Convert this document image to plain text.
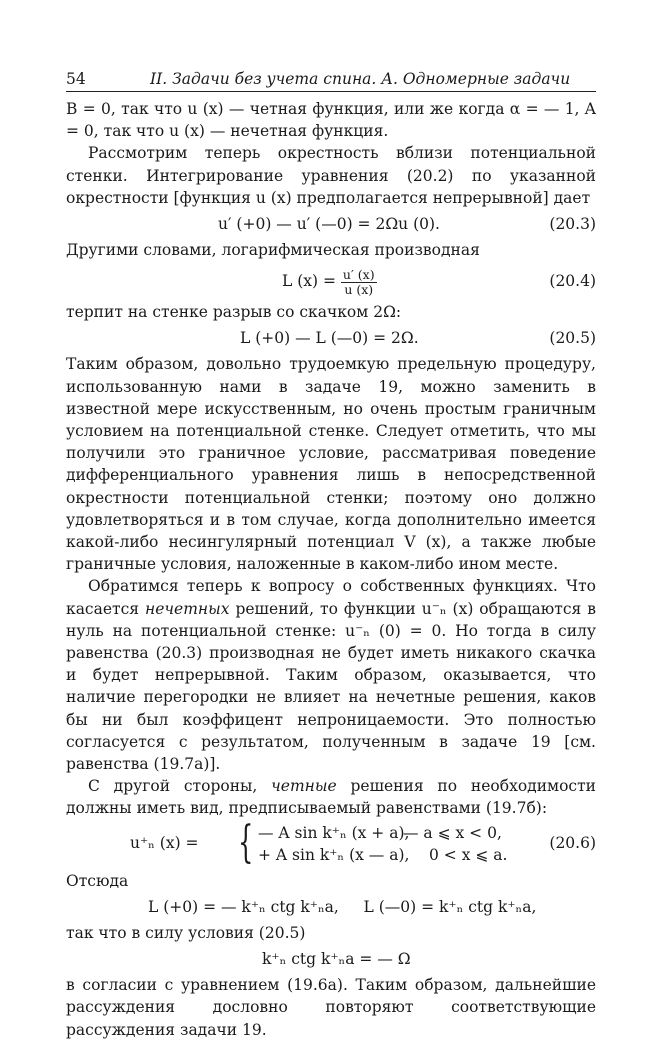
54	II. Задачи без учета спина. А. Одномерные задачи

B = 0, так что u (x) — четная функция, или же когда α = — 1, A = 0, так что u (x) — нечетная функция.

Рассмотрим теперь окрестность вблизи потенциальной стенки. Интегрирование уравнения (20.2) по указанной окрестности [функция u (x) предполагается непрерывной] дает

u′ (+0) — u′ (—0) = 2Ωu (0).	(20.3)

Другими словами, логарифмическая производная

L $(x) = \frac{u' (x)}{u (x)}$	(20.4)

терпит на стенке разрыв со скачком 2Ω:

L (+0) — L (—0) = 2Ω.	(20.5)

Таким образом, довольно трудоемкую предельную процедуру, использованную нами в задаче 19, можно заменить в известной мере искусственным, но очень простым граничным условием на потенциальной стенке. Следует отметить, что мы получили это граничное условие, рассматривая поведение дифференциального уравнения лишь в непосредственной окрестности потенциальной стенки; поэтому оно должно удовлетворяться и в том случае, когда дополнительно имеется какой-либо несингулярный потенциал V (x), а также любые граничные условия, наложенные в каком-либо ином месте.

Обратимся теперь к вопросу о собственных функциях. Что касается нечетных решений, то функции u⁻ₙ (x) обращаются в нуль на потенциальной стенке: u⁻ₙ (0) = 0. Но тогда в силу равенства (20.3) производная не будет иметь никакого скачка и будет непрерывной. Таким образом, оказывается, что наличие перегородки не влияет на нечетные решения, каков бы ни был коэффицент непроницаемости. Это полностью согласуется с результатом, полученным в задаче 19 [см. равенства (19.7a)].

С другой стороны, четные решения по необходимости должны иметь вид, предписываемый равенствами (19.7б):

u⁺ₙ (x) = { — A sin k⁺ₙ (x + a),
— a ⩽ x < 0,
+ A sin k⁺ₙ (x — a), 0 < x ⩽ a.
(20.6)

Отсюда

L (+0) = — k⁺ₙ ctg k⁺ₙa,     L (—0) = k⁺ₙ ctg k⁺ₙa,

так что в силу условия (20.5)

k⁺ₙ ctg k⁺ₙa = — Ω

в согласии с уравнением (19.6a). Таким образом, дальнейшие рассуждения дословно повторяют соответствующие рассуждения задачи 19.
